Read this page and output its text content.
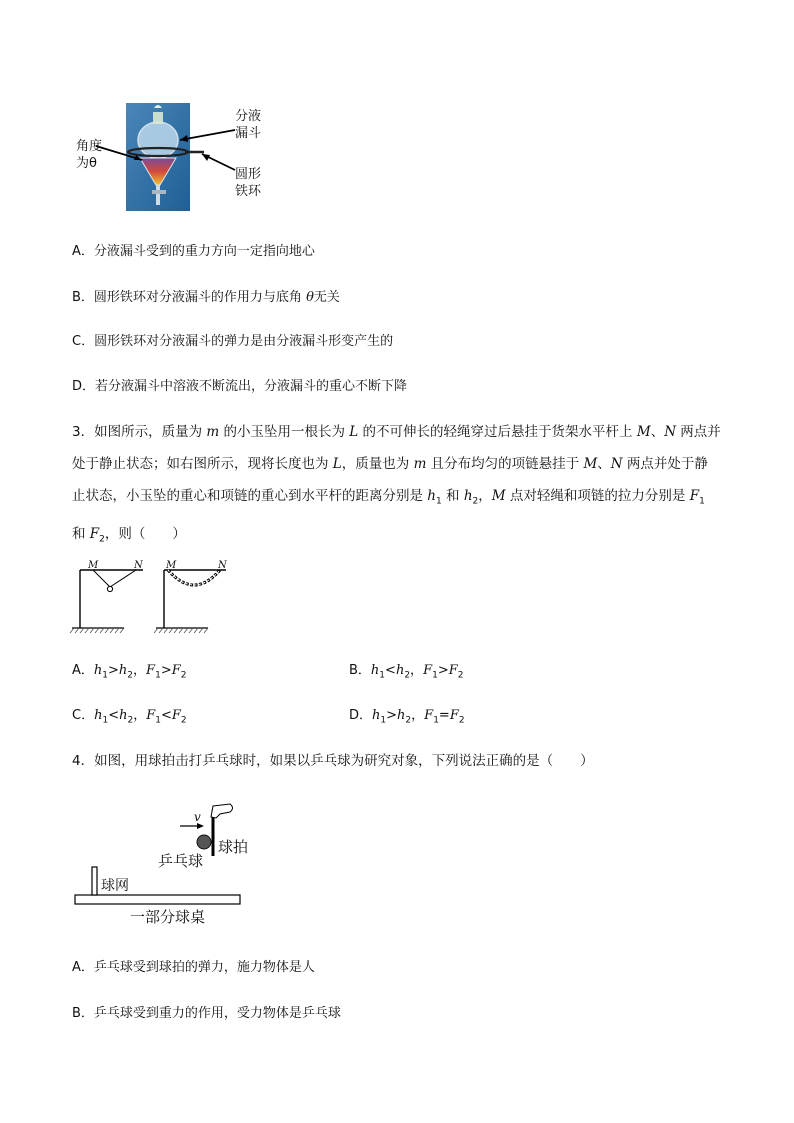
分液
漏斗
角度
为θ
圆形
铁环
A．分液漏斗受到的重力方向一定指向地心
B．圆形铁环对分液漏斗的作用力与底角 θ无关
C．圆形铁环对分液漏斗的弹力是由分液漏斗形变产生的
D．若分液漏斗中溶液不断流出，分液漏斗的重心不断下降

3．如图所示，质量为 m 的小玉坠用一根长为 L 的不可伸长的轻绳穿过后悬挂于货架水平杆上 M、N 两点并

处于静止状态；如右图所示，现将长度也为 L，质量也为 m 且分布均匀的项链悬挂于 M、N 两点并处于静

止状态，小玉坠的重心和项链的重心到水平杆的距离分别是 $h_1$ 和 $h_2$，M 点对轻绳和项链的拉力分别是 $F_1$

和 $F_2$，则（　　）

M	N M	N
A．$h_1>h_2$，$F_1>F_2$	B．$h_1<h_2$，$F_1>F_2$
C．$h_1<h_2$，$F_1<F_2$	D．$h_1>h_2$，$F_1=F_2$
4．如图，用球拍击打乒乓球时，如果以乒乓球为研究对象，下列说法正确的是（　　）
v
乒乓球
球拍
球网
一部分球桌
A．乒乓球受到球拍的弹力，施力物体是人
B．乒乓球受到重力的作用，受力物体是乒乓球
